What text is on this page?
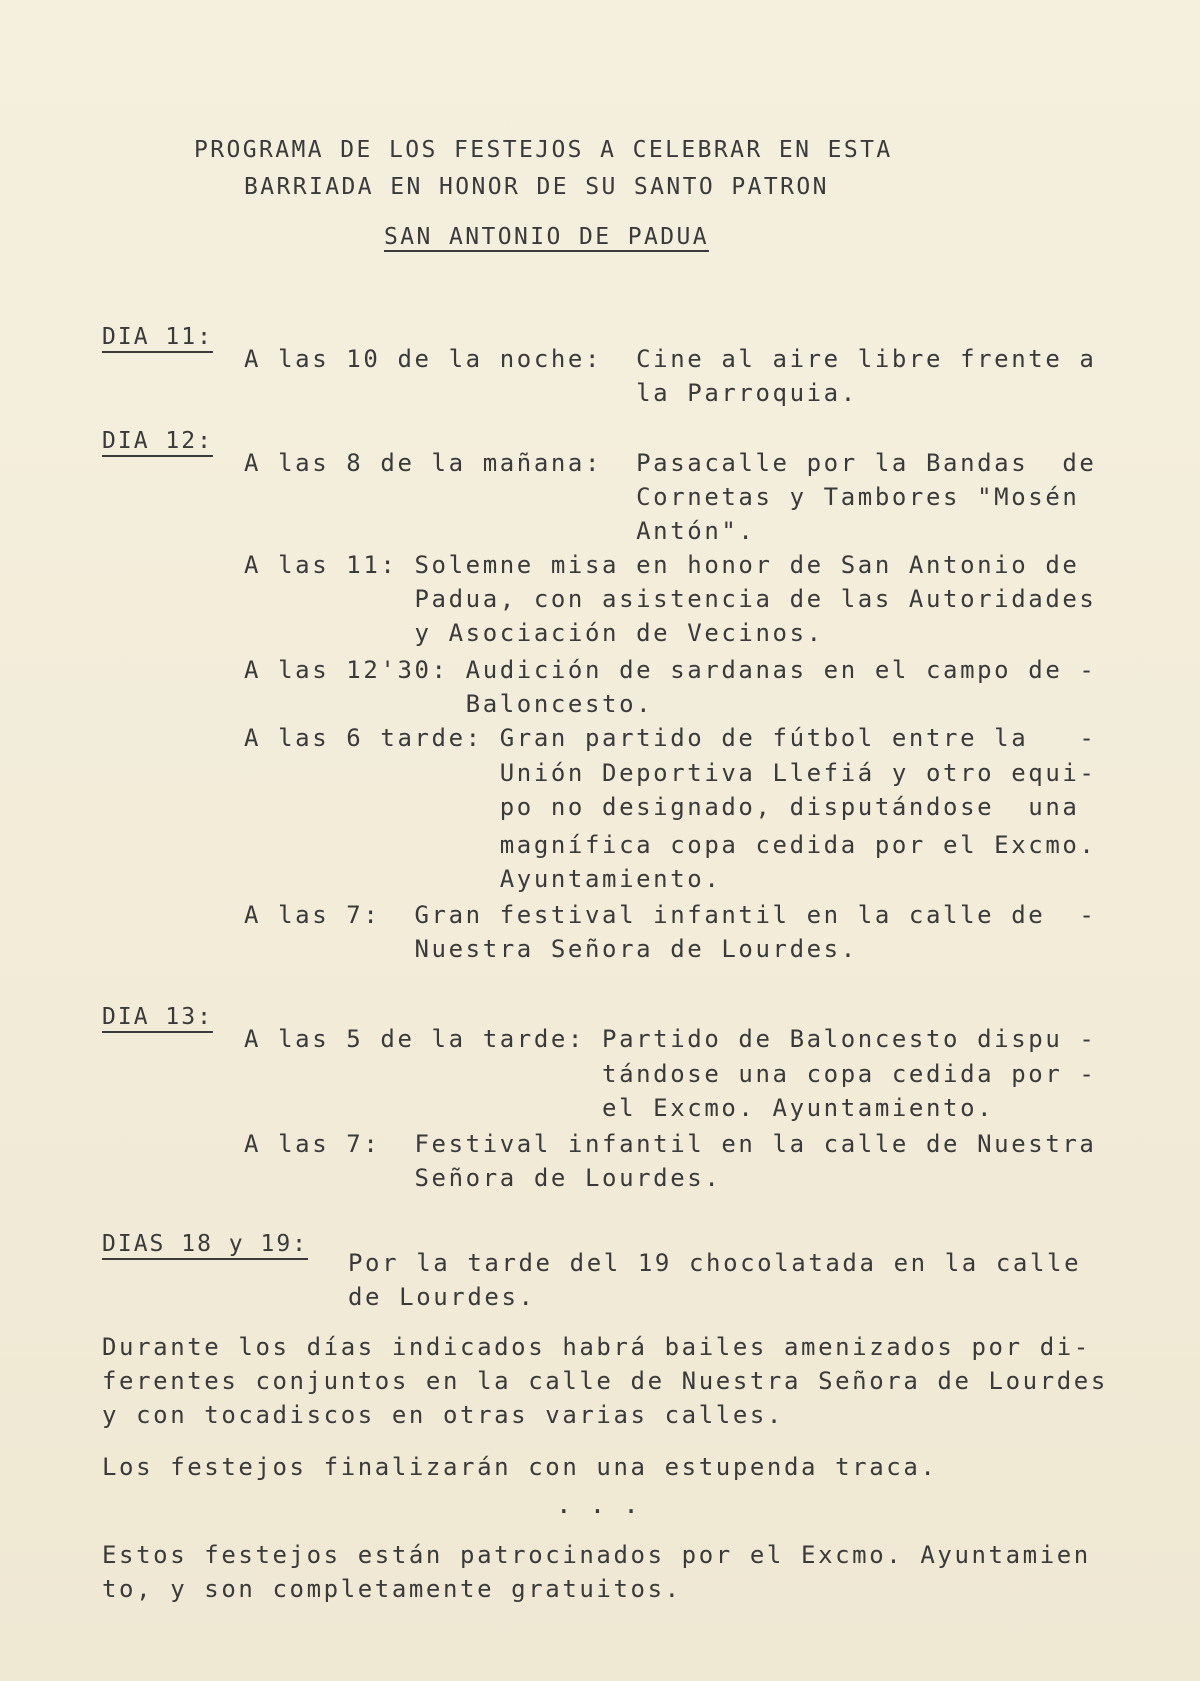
PROGRAMA DE LOS FESTEJOS A CELEBRAR EN ESTA
BARRIADA EN HONOR DE SU SANTO PATRON
SAN ANTONIO DE PADUA
DIA 11:
A las 10 de la noche:  Cine al aire libre frente a
la Parroquia.
DIA 12:
A las 8 de la mañana:  Pasacalle por la Bandas  de
Cornetas y Tambores "Mosén
Antón".
A las 11: Solemne misa en honor de San Antonio de
Padua, con asistencia de las Autoridades
y Asociación de Vecinos.
A las 12'30: Audición de sardanas en el campo de -
Baloncesto.
A las 6 tarde: Gran partido de fútbol entre la   -
Unión Deportiva Llefiá y otro equi-
po no designado, disputándose  una
magnífica copa cedida por el Excmo.
Ayuntamiento.
A las 7:  Gran festival infantil en la calle de  -
Nuestra Señora de Lourdes.
DIA 13:
A las 5 de la tarde: Partido de Baloncesto dispu -
tándose una copa cedida por -
el Excmo. Ayuntamiento.
A las 7:  Festival infantil en la calle de Nuestra
Señora de Lourdes.
DIAS 18 y 19:
Por la tarde del 19 chocolatada en la calle
de Lourdes.
Durante los días indicados habrá bailes amenizados por di-
ferentes conjuntos en la calle de Nuestra Señora de Lourdes
y con tocadiscos en otras varias calles.
Los festejos finalizarán con una estupenda traca.
...
Estos festejos están patrocinados por el Excmo. Ayuntamien
to, y son completamente gratuitos.
